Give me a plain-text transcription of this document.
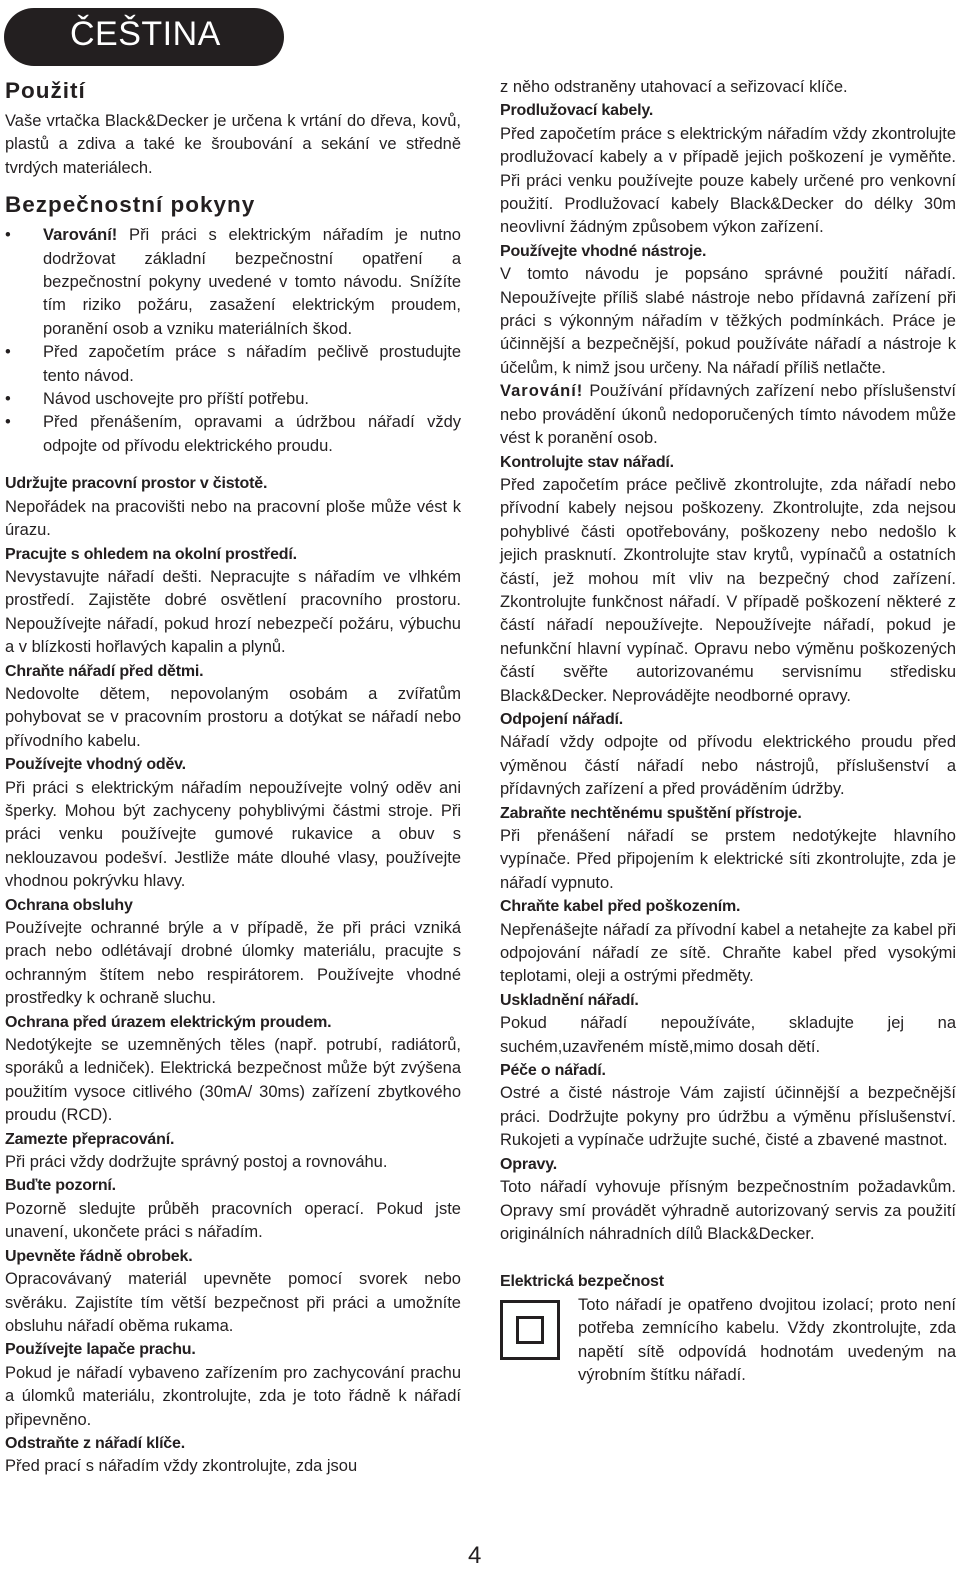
ČEŠTINA
Použití

Vaše vrtačka Black&Decker je určena k vrtání do dřeva, kovů, plastů a zdiva a také ke šroubování a sekání ve středně tvrdých materiálech.

Bezpečnostní pokyny
• Varování! Při práci s elektrickým nářadím je nutno dodržovat základní bezpečnostní opatření a bezpečnostní pokyny uvedené v tomto návodu. Snížíte tím riziko požáru, zasažení elektrickým proudem, poranění osob a vzniku materiálních škod.
• Před započetím práce s nářadím pečlivě prostudujte tento návod.
• Návod uschovejte pro příští potřebu.
• Před přenášením, opravami a údržbou nářadí vždy odpojte od přívodu elektrického proudu.

Udržujte pracovní prostor v čistotě.

Nepořádek na pracovišti nebo na pracovní ploše může vést k úrazu.

Pracujte s ohledem na okolní prostředí.

Nevystavujte nářadí dešti. Nepracujte s nářadím ve vlhkém prostředí. Zajistěte dobré osvětlení pracovního prostoru. Nepoužívejte nářadí, pokud hrozí nebezpečí požáru, výbuchu a v blízkosti hořlavých kapalin a plynů.

Chraňte nářadí před dětmi.

Nedovolte dětem, nepovolaným osobám a zvířatům pohybovat se v pracovním prostoru a dotýkat se nářadí nebo přívodního kabelu.

Používejte vhodný oděv.

Při práci s elektrickým nářadím nepoužívejte volný oděv ani šperky. Mohou být zachyceny pohyblivými částmi stroje. Při práci venku používejte gumové rukavice a obuv s neklouzavou podešví. Jestliže máte dlouhé vlasy, používejte vhodnou pokrývku hlavy.

Ochrana obsluhy

Používejte ochranné brýle a v případě, že při práci vzniká prach nebo odlétávají drobné úlomky materiálu, pracujte s ochranným štítem nebo respirátorem. Používejte vhodné prostředky k ochraně sluchu.

Ochrana před úrazem elektrickým proudem.

Nedotýkejte se uzemněných těles (např. potrubí, radiátorů, sporáků a ledniček). Elektrická bezpečnost může být zvýšena použitím vysoce citlivého (30mA/ 30ms) zařízení zbytkového proudu (RCD).

Zamezte přepracování.

Při práci vždy dodržujte správný postoj a rovnováhu.

Buďte pozorní.

Pozorně sledujte průběh pracovních operací. Pokud jste unavení, ukončete práci s nářadím.

Upevněte řádně obrobek.

Opracovávaný materiál upevněte pomocí svorek nebo svěráku. Zajistíte tím větší bezpečnost při práci a umožníte obsluhu nářadí oběma rukama.

Používejte lapače prachu.

Pokud je nářadí vybaveno zařízením pro zachycování prachu a úlomků materiálu, zkontrolujte, zda je toto řádně k nářadí připevněno.

Odstraňte z nářadí klíče.

Před prací s nářadím vždy zkontrolujte, zda jsou

z něho odstraněny utahovací a seřizovací klíče.

Prodlužovací kabely.

Před započetím práce s elektrickým nářadím vždy zkontrolujte prodlužovací kabely a v případě jejich poškození je vyměňte. Při práci venku používejte pouze kabely určené pro venkovní použití. Prodlužovací kabely Black&Decker do délky 30m neovlivní žádným způsobem výkon zařízení.

Používejte vhodné nástroje.

V tomto návodu je popsáno správné použití nářadí. Nepoužívejte příliš slabé nástroje nebo přídavná zařízení při práci s výkonným nářadím v těžkých podmínkách. Práce je účinnější a bezpečnější, pokud používáte nářadí a nástroje k účelům, k nimž jsou určeny. Na nářadí příliš netlačte.

Varování! Používání přídavných zařízení nebo příslušenství nebo provádění úkonů nedoporučených tímto návodem může vést k poranění osob.

Kontrolujte stav nářadí.

Před započetím práce pečlivě zkontrolujte, zda nářadí nebo přívodní kabely nejsou poškozeny. Zkontrolujte, zda nejsou pohyblivé části opotřebovány, poškozeny nebo nedošlo k jejich prasknutí. Zkontrolujte stav krytů, vypínačů a ostatních částí, jež mohou mít vliv na bezpečný chod zařízení. Zkontrolujte funkčnost nářadí. V případě poškození některé z částí nářadí nepoužívejte. Nepoužívejte nářadí, pokud je nefunkční hlavní vypínač. Opravu nebo výměnu poškozených částí svěřte autorizovanému servisnímu středisku Black&Decker. Neprovádějte neodborné opravy.

Odpojení nářadí.

Nářadí vždy odpojte od přívodu elektrického proudu před výměnou částí nářadí nebo nástrojů, příslušenství a přídavných zařízení a před prováděním údržby.

Zabraňte nechtěnému spuštění přístroje.

Při přenášení nářadí se prstem nedotýkejte hlavního vypínače. Před připojením k elektrické síti zkontrolujte, zda je nářadí vypnuto.

Chraňte kabel před poškozením.

Nepřenášejte nářadí za přívodní kabel a netahejte za kabel při odpojování nářadí ze sítě. Chraňte kabel před vysokými teplotami, oleji a ostrými předměty.

Uskladnění nářadí.

Pokud nářadí nepoužíváte, skladujte jej na suchém,uzavřeném místě,mimo dosah dětí.

Péče o nářadí.

Ostré a čisté nástroje Vám zajistí účinnější a bezpečnější práci. Dodržujte pokyny pro údržbu a výměnu příslušenství. Rukojeti a vypínače udržujte suché, čisté a zbavené mastnot.

Opravy.

Toto nářadí vyhovuje přísným bezpečnostním požadavkům. Opravy smí provádět výhradně autorizovaný servis za použití originálních náhradních dílů Black&Decker.

Elektrická bezpečnost

Toto nářadí je opatřeno dvojitou izolací; proto není potřeba zemnícího kabelu. Vždy zkontrolujte, zda napětí sítě odpovídá hodnotám uvedeným na výrobním štítku nářadí.

4
